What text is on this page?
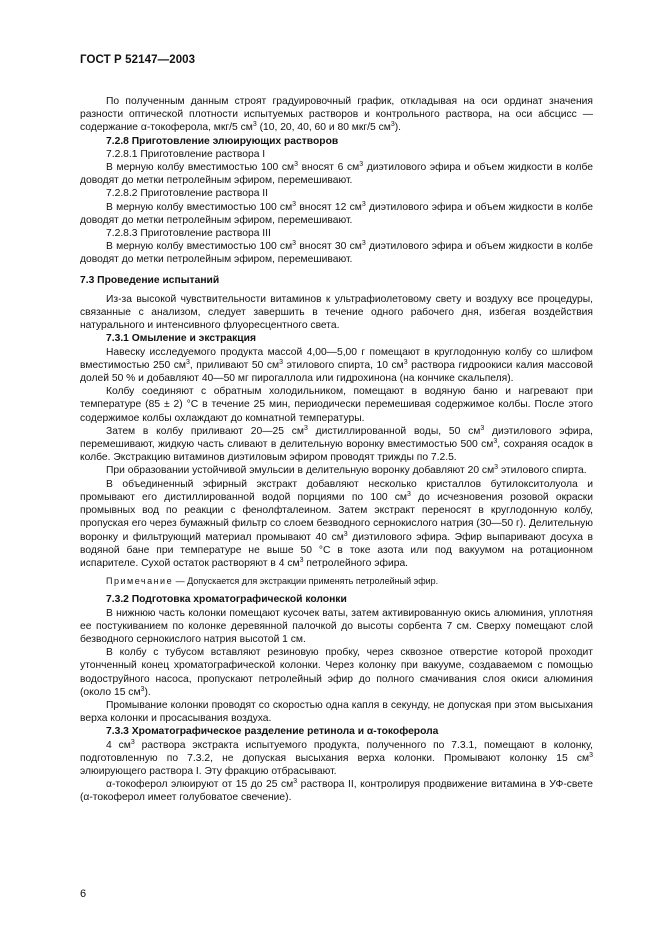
ГОСТ Р 52147—2003

По полученным данным строят градуировочный график, откладывая на оси ординат значения разности оптической плотности испытуемых растворов и контрольного раствора, на оси абсцисс — содержание α-токоферола, мкг/5 $см^3$ (10, 20, 40, 60 и 80 мкг/5 $см^3$).

7.2.8 Приготовление элюирующих растворов

7.2.8.1 Приготовление раствора I

В мерную колбу вместимостью 100 $см^3$ вносят 6 $см^3$ диэтилового эфира и объем жидкости в колбе доводят до метки петролейным эфиром, перемешивают.

7.2.8.2 Приготовление раствора II

В мерную колбу вместимостью 100 $см^3$ вносят 12 $см^3$ диэтилового эфира и объем жидкости в колбе доводят до метки петролейным эфиром, перемешивают.

7.2.8.3 Приготовление раствора III

В мерную колбу вместимостью 100 $см^3$ вносят 30 $см^3$ диэтилового эфира и объем жидкости в колбе доводят до метки петролейным эфиром, перемешивают.

7.3 Проведение испытаний

Из-за высокой чувствительности витаминов к ультрафиолетовому свету и воздуху все процедуры, связанные с анализом, следует завершить в течение одного рабочего дня, избегая воздействия натурального и интенсивного флуоресцентного света.

7.3.1 Омыление и экстракция

Навеску исследуемого продукта массой 4,00—5,00 г помещают в круглодонную колбу со шлифом вместимостью 250 $см^3$, приливают 50 $см^3$ этилового спирта, 10 $см^3$ раствора гидроокиси калия массовой долей 50 % и добавляют 40—50 мг пирогаллола или гидрохинона (на кончике скальпеля).

Колбу соединяют с обратным холодильником, помещают в водяную баню и нагревают при температуре (85 ± 2) °С в течение 25 мин, периодически перемешивая содержимое колбы. После этого содержимое колбы охлаждают до комнатной температуры.

Затем в колбу приливают 20—25 $см^3$ дистиллированной воды, 50 $см^3$ диэтилового эфира, перемешивают, жидкую часть сливают в делительную воронку вместимостью 500 $см^3$, сохраняя осадок в колбе. Экстракцию витаминов диэтиловым эфиром проводят трижды по 7.2.5.

При образовании устойчивой эмульсии в делительную воронку добавляют 20 $см^3$ этилового спирта.

В объединенный эфирный экстракт добавляют несколько кристаллов бутилокситолуола и промывают его дистиллированной водой порциями по 100 $см^3$ до исчезновения розовой окраски промывных вод по реакции с фенолфталеином. Затем экстракт переносят в круглодонную колбу, пропуская его через бумажный фильтр со слоем безводного сернокислого натрия (30—50 г). Делительную воронку и фильтрующий материал промывают 40 $см^3$ диэтилового эфира. Эфир выпаривают досуха в водяной бане при температуре не выше 50 °С в токе азота или под вакуумом на ротационном испарителе. Сухой остаток растворяют в 4 $см^3$ петролейного эфира.

Примечание — Допускается для экстракции применять петролейный эфир.

7.3.2 Подготовка хроматографической колонки

В нижнюю часть колонки помещают кусочек ваты, затем активированную окись алюминия, уплотняя ее постукиванием по колонке деревянной палочкой до высоты сорбента 7 см. Сверху помещают слой безводного сернокислого натрия высотой 1 см.

В колбу с тубусом вставляют резиновую пробку, через сквозное отверстие которой проходит утонченный конец хроматографической колонки. Через колонку при вакууме, создаваемом с помощью водоструйного насоса, пропускают петролейный эфир до полного смачивания слоя окиси алюминия (около 15 $см^3$).

Промывание колонки проводят со скоростью одна капля в секунду, не допуская при этом высыхания верха колонки и просасывания воздуха.

7.3.3 Хроматографическое разделение ретинола и α-токоферола

4 $см^3$ раствора экстракта испытуемого продукта, полученного по 7.3.1, помещают в колонку, подготовленную по 7.3.2, не допуская высыхания верха колонки. Промывают колонку 15 $см^3$ элюирующего раствора I. Эту фракцию отбрасывают.

α-токоферол элюируют от 15 до 25 $см^3$ раствора II, контролируя продвижение витамина в УФ-свете (α-токоферол имеет голубоватое свечение).

6
